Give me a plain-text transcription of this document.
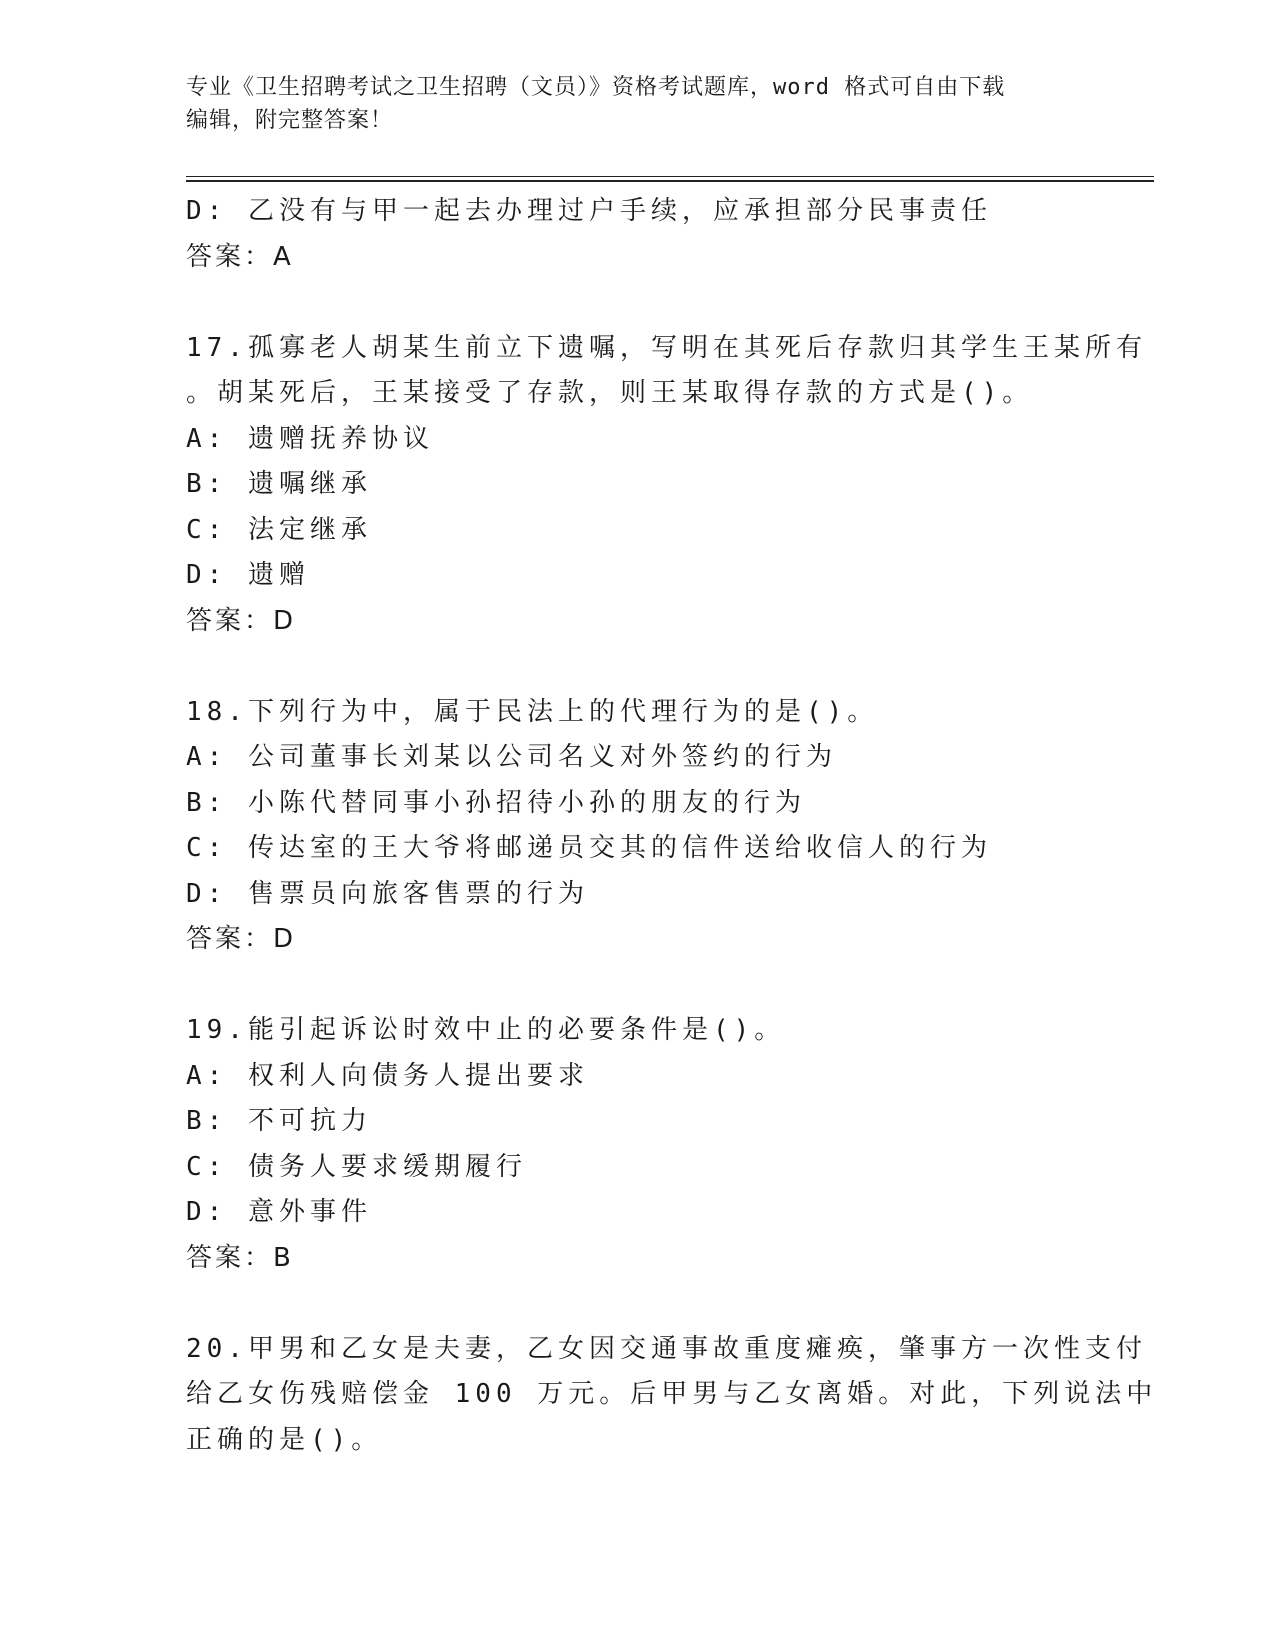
专业《卫生招聘考试之卫生招聘（文员）》资格考试题库，word 格式可自由下载
编辑，附完整答案！
D: 乙没有与甲一起去办理过户手续，应承担部分民事责任
答案：A
17.孤寡老人胡某生前立下遗嘱，写明在其死后存款归其学生王某所有
。胡某死后，王某接受了存款，则王某取得存款的方式是()。
A: 遗赠抚养协议
B: 遗嘱继承
C: 法定继承
D: 遗赠
答案：D
18.下列行为中，属于民法上的代理行为的是()。
A: 公司董事长刘某以公司名义对外签约的行为
B: 小陈代替同事小孙招待小孙的朋友的行为
C: 传达室的王大爷将邮递员交其的信件送给收信人的行为
D: 售票员向旅客售票的行为
答案：D
19.能引起诉讼时效中止的必要条件是()。
A: 权利人向债务人提出要求
B: 不可抗力
C: 债务人要求缓期履行
D: 意外事件
答案：B
20.甲男和乙女是夫妻，乙女因交通事故重度瘫痪，肇事方一次性支付
给乙女伤残赔偿金 100 万元。后甲男与乙女离婚。对此，下列说法中
正确的是()。
